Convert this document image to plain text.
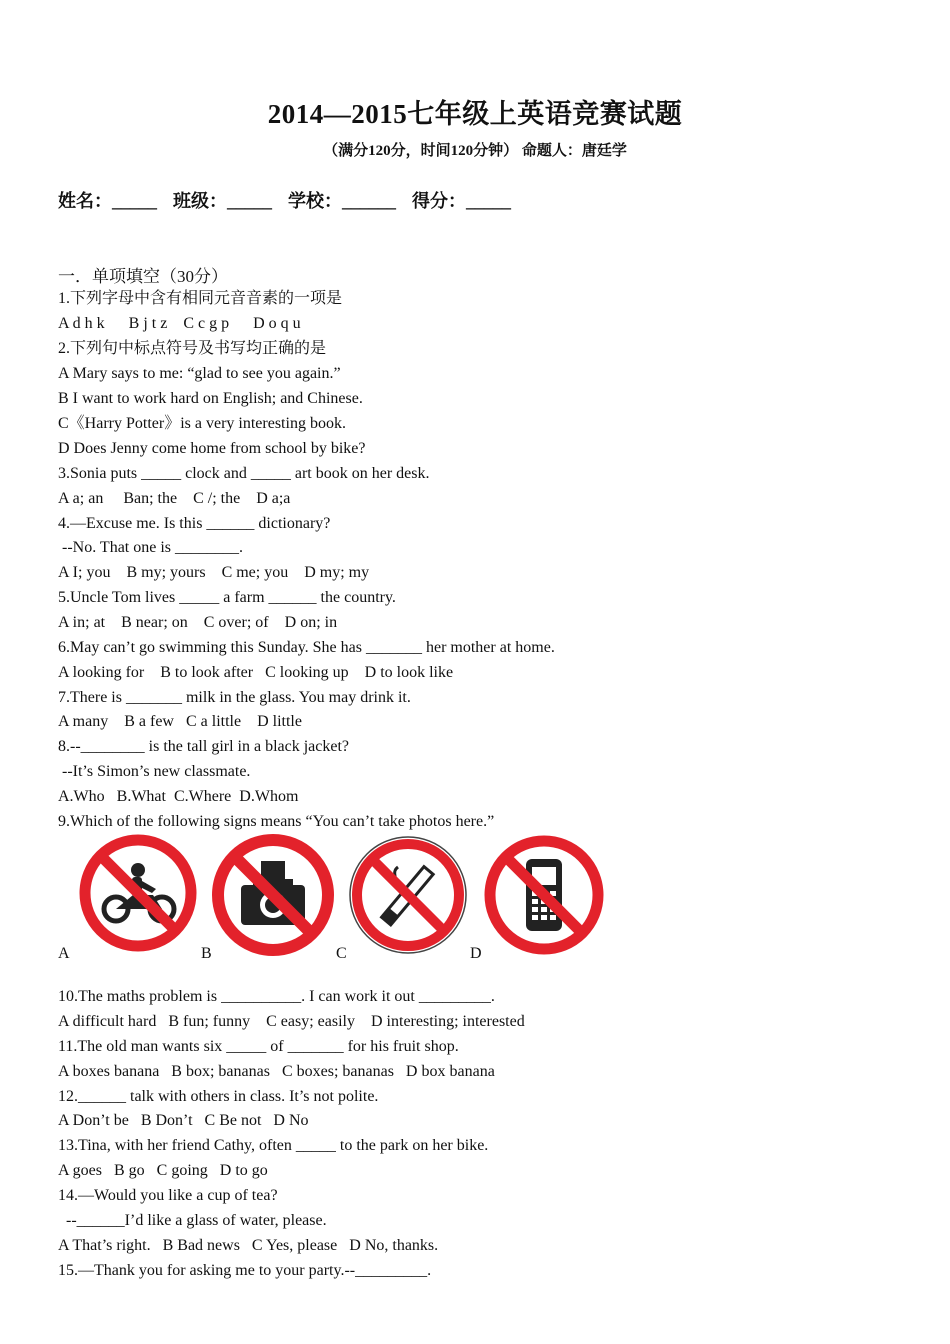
2014—2015七年级上英语竞赛试题
（满分120分，时间120分钟） 命题人：唐廷学
姓名：_____ 班级：_____ 学校：______ 得分：_____
一．单项填空（30分）
1.下列字母中含有相同元音音素的一项是
A d h k      B j t z    C c g p      D o q u
2.下列句中标点符号及书写均正确的是
A Mary says to me: “glad to see you again.”
B I want to work hard on English; and Chinese.
C《Harry Potter》is a very interesting book.
D Does Jenny come home from school by bike?
3.Sonia puts _____ clock and _____ art book on her desk.
A a; an     Ban; the    C /; the    D a;a
4.—Excuse me. Is this ______ dictionary?
--No. That one is ________.
A I; you    B my; yours    C me; you    D my; my
5.Uncle Tom lives _____ a farm ______ the country.
A in; at    B near; on    C over; of    D on; in
6.May can’t go swimming this Sunday. She has _______ her mother at home.
A looking for    B to look after   C looking up    D to look like
7.There is _______ milk in the glass. You may drink it.
A many    B a few   C a little    D little
8.--________ is the tall girl in a black jacket?
--It’s Simon’s new classmate.
A.Who   B.What  C.Where  D.Whom
9.Which of the following signs means “You can’t take photos here.”
A	B	C	D
10.The maths problem is __________. I can work it out _________.
A difficult hard   B fun; funny    C easy; easily    D interesting; interested
11.The old man wants six _____ of _______ for his fruit shop.
A boxes banana   B box; bananas   C boxes; bananas   D box banana
12.______ talk with others in class. It’s not polite.
A Don’t be   B Don’t   C Be not   D No
13.Tina, with her friend Cathy, often _____ to the park on her bike.
A goes   B go   C going   D to go
14.—Would you like a cup of tea?
--______I’d like a glass of water, please.
A That’s right.   B Bad news   C Yes, please   D No, thanks.
15.—Thank you for asking me to your party.--_________.
